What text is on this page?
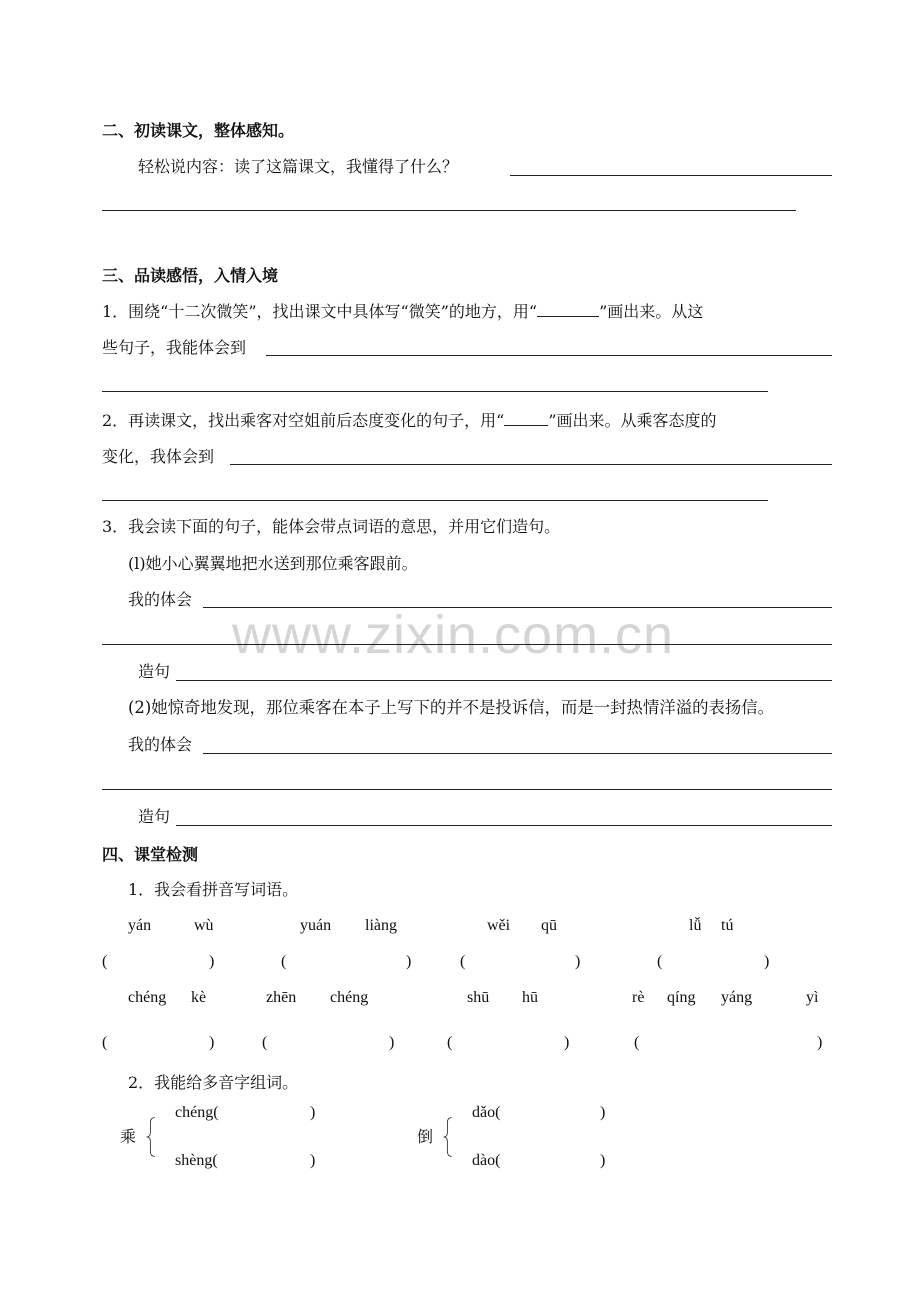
www.zixin.com.cn
二、初读课文，整体感知。
轻松说内容：读了这篇课文，我懂得了什么？
三、品读感悟，入情入境
1．围绕“十二次微笑”，找出课文中具体写“微笑”的地方，用“	”画出来。从这
些句子，我能体会到
2．再读课文，找出乘客对空姐前后态度变化的句子，用“	”画出来。从乘客态度的
变化，我体会到
3．我会读下面的句子，能体会带点词语的意思，并用它们造句。
(l)她小心翼翼地把水送到那位乘客跟前。
我的体会
造句
(2)她惊奇地发现，那位乘客在本子上写下的并不是投诉信，而是一封热情洋溢的表扬信。
我的体会
造句
四、课堂检测
1．我会看拼音写词语。
yán	wù	yuán liàng	wěi qū	lǚ tú
(	)	(	)	(	)	(	)
chéng kè	zhēn chéng	shū hū	rè qíng yáng	yì
(	)	(	)	(	)	(	)
2．我能给多音字组词。
乘
chéng(	)
shèng(	)
倒
dǎo(	)
dào(	)
